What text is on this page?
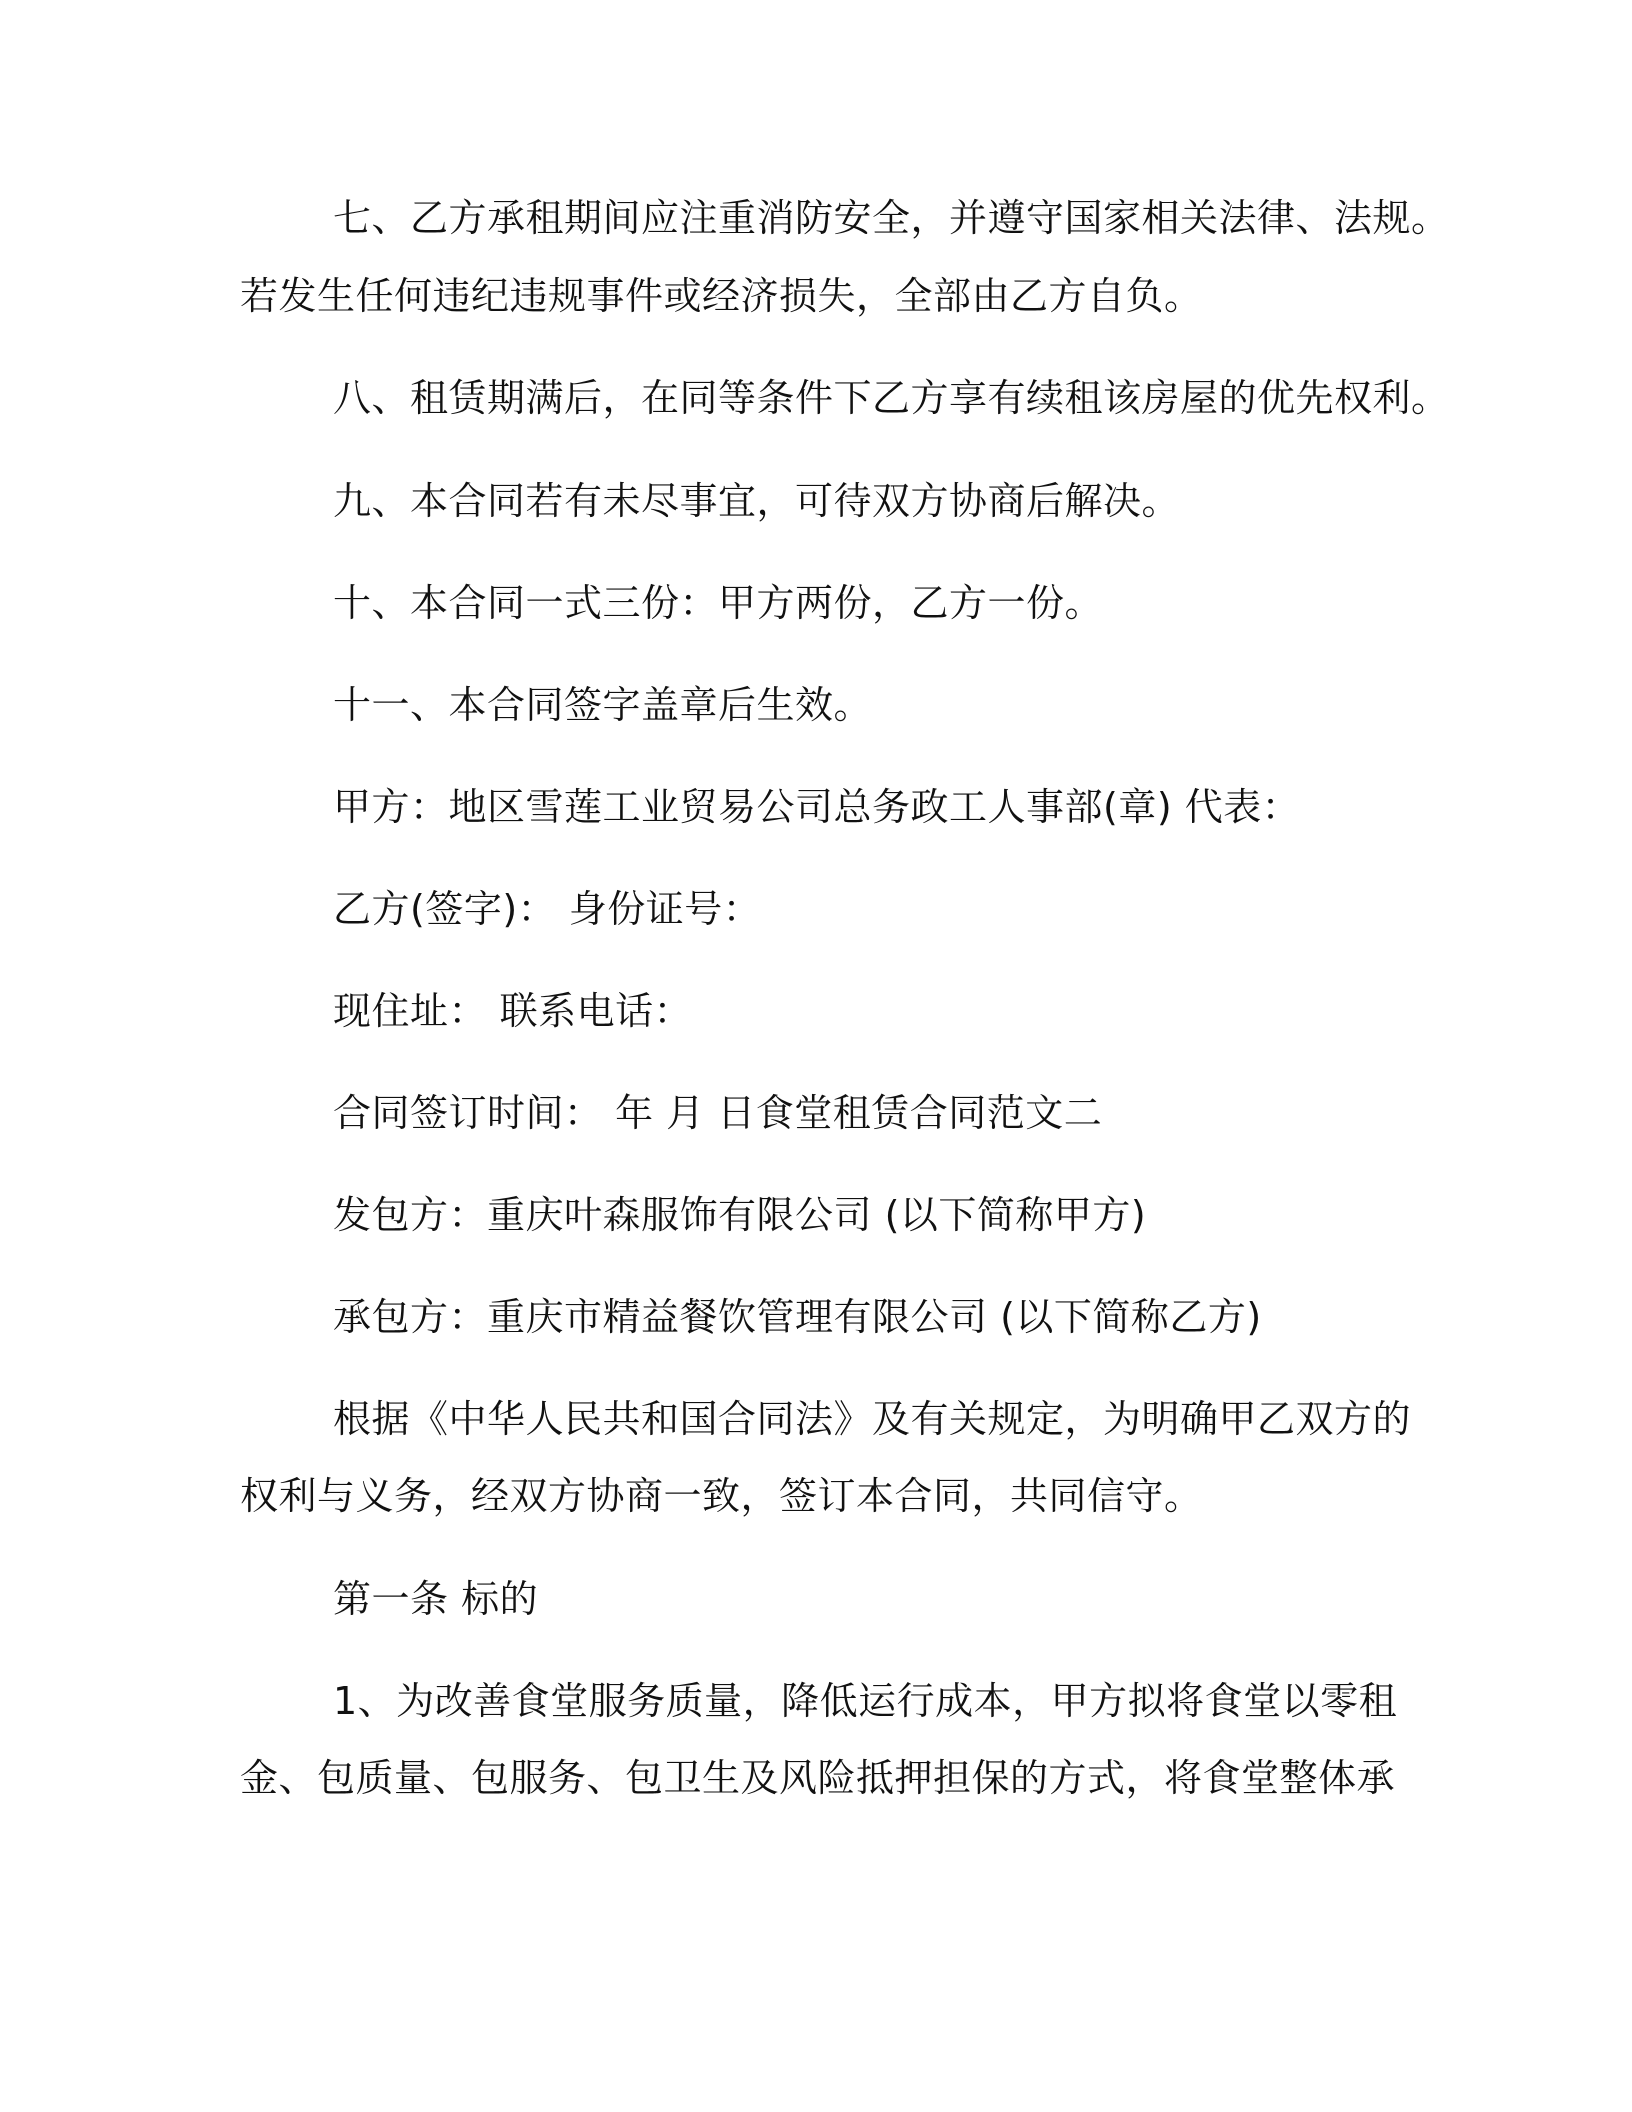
七、乙方承租期间应注重消防安全，并遵守国家相关法律、法规。
若发生任何违纪违规事件或经济损失，全部由乙方自负。
八、租赁期满后，在同等条件下乙方享有续租该房屋的优先权利。
九、本合同若有未尽事宜，可待双方协商后解决。
十、本合同一式三份：甲方两份，乙方一份。
十一、本合同签字盖章后生效。
甲方：地区雪莲工业贸易公司总务政工人事部(章) 代表：
乙方(签字)： 身份证号：
现住址： 联系电话：
合同签订时间： 年 月 日食堂租赁合同范文二
发包方：重庆叶森服饰有限公司 (以下简称甲方)
承包方：重庆市精益餐饮管理有限公司 (以下简称乙方)
根据《中华人民共和国合同法》及有关规定，为明确甲乙双方的
权利与义务，经双方协商一致，签订本合同，共同信守。
第一条 标的
1、为改善食堂服务质量，降低运行成本，甲方拟将食堂以零租
金、包质量、包服务、包卫生及风险抵押担保的方式，将食堂整体承
